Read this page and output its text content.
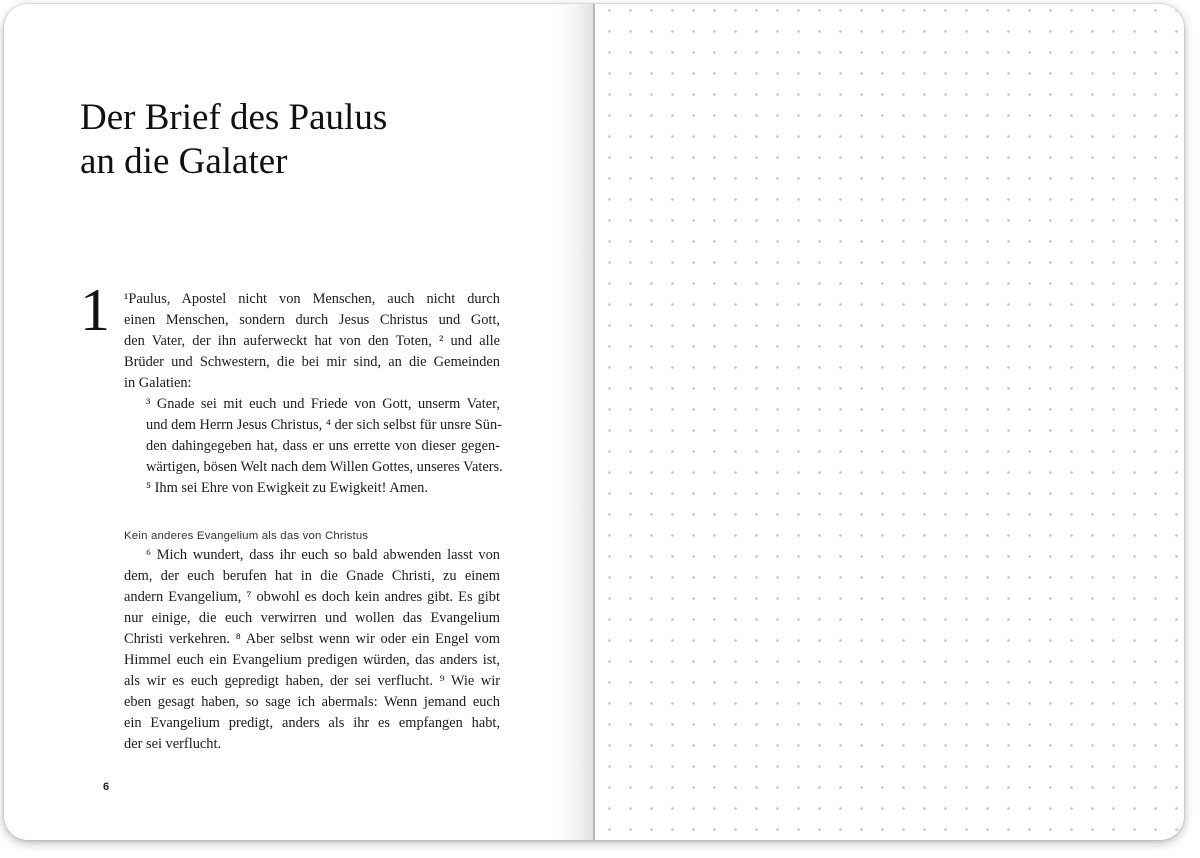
Der Brief des Paulus
an die Galater
1 ¹Paulus, Apostel nicht von Menschen, auch nicht durch
einen Menschen, sondern durch Jesus Christus und Gott,
den Vater, der ihn auferweckt hat von den Toten, ² und alle
Brüder und Schwestern, die bei mir sind, an die Gemeinden
in Galatien:

³ Gnade sei mit euch und Friede von Gott, unserm Vater,
und dem Herrn Jesus Christus, ⁴ der sich selbst für unsre Sün-
den dahingegeben hat, dass er uns errette von dieser gegen-
wärtigen, bösen Welt nach dem Willen Gottes, unseres Vaters.
⁵ Ihm sei Ehre von Ewigkeit zu Ewigkeit! Amen.

Kein anderes Evangelium als das von Christus

⁶ Mich wundert, dass ihr euch so bald abwenden lasst von
dem, der euch berufen hat in die Gnade Christi, zu einem
andern Evangelium, ⁷ obwohl es doch kein andres gibt. Es gibt
nur einige, die euch verwirren und wollen das Evangelium
Christi verkehren. ⁸ Aber selbst wenn wir oder ein Engel vom
Himmel euch ein Evangelium predigen würden, das anders ist,
als wir es euch gepredigt haben, der sei verflucht. ⁹ Wie wir
eben gesagt haben, so sage ich abermals: Wenn jemand euch
ein Evangelium predigt, anders als ihr es empfangen habt,
der sei verflucht.

6
